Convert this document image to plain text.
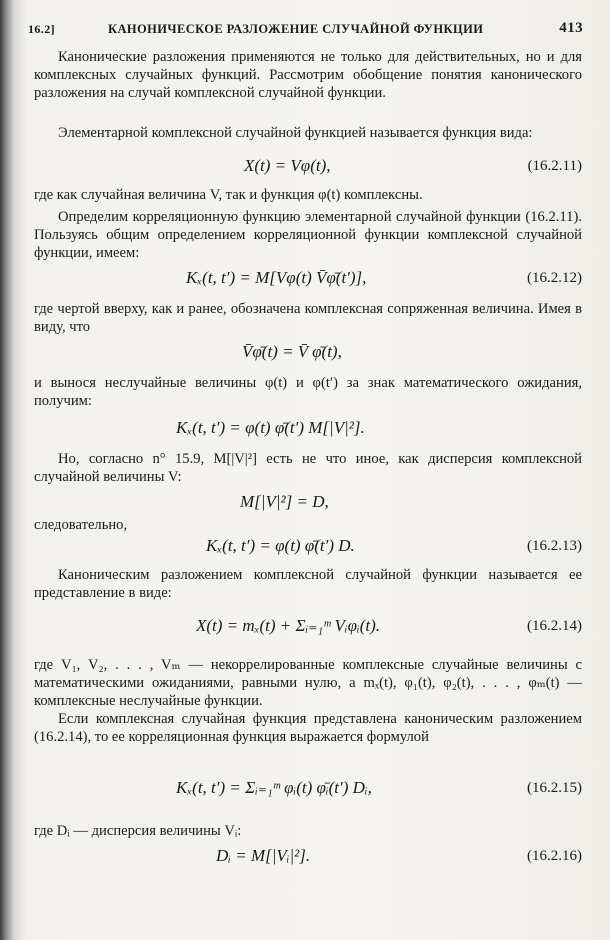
16.2]	КАНОНИЧЕСКОЕ РАЗЛОЖЕНИЕ СЛУЧАЙНОЙ ФУНКЦИИ	413
Канонические разложения применяются не только для действительных, но и для комплексных случайных функций. Рассмотрим обобщение понятия канонического разложения на случай комплексной случайной функции.
Элементарной комплексной случайной функцией называется функция вида:
X(t) = Vφ(t),	(16.2.11)
где как случайная величина V, так и функция φ(t) комплексны.
Определим корреляционную функцию элементарной случайной функции (16.2.11). Пользуясь общим определением корреляционной функции комплексной случайной функции, имеем:
Kₓ(t, t′) = M[Vφ(t) V̄φ̄(t′)],	(16.2.12)
где чертой вверху, как и ранее, обозначена комплексная сопряженная величина. Имея в виду, что
V̄φ̄(t) = V̄ φ̄(t),
и вынося неслучайные величины φ(t) и φ(t′) за знак математического ожидания, получим:
Kₓ(t, t′) = φ(t) φ̄(t′) M[|V|²].
Но, согласно n° 15.9, M[|V|²] есть не что иное, как дисперсия комплексной случайной величины V:
M[|V|²] = D,
следовательно,
Kₓ(t, t′) = φ(t) φ̄(t′) D.	(16.2.13)
Каноническим разложением комплексной случайной функции называется ее представление в виде:
X(t) = mₓ(t) + Σᵢ₌₁ᵐ Vᵢφᵢ(t).	(16.2.14)
где V₁, V₂, . . . , Vₘ — некоррелированные комплексные случайные величины с математическими ожиданиями, равными нулю, а mₓ(t), φ₁(t), φ₂(t), . . . , φₘ(t) — комплексные неслучайные функции.
Если комплексная случайная функция представлена каноническим разложением (16.2.14), то ее корреляционная функция выражается формулой
Kₓ(t, t′) = Σᵢ₌₁ᵐ φᵢ(t) φ̄ᵢ(t′) Dᵢ,	(16.2.15)
где Dᵢ — дисперсия величины Vᵢ:
Dᵢ = M[|Vᵢ|²].	(16.2.16)
